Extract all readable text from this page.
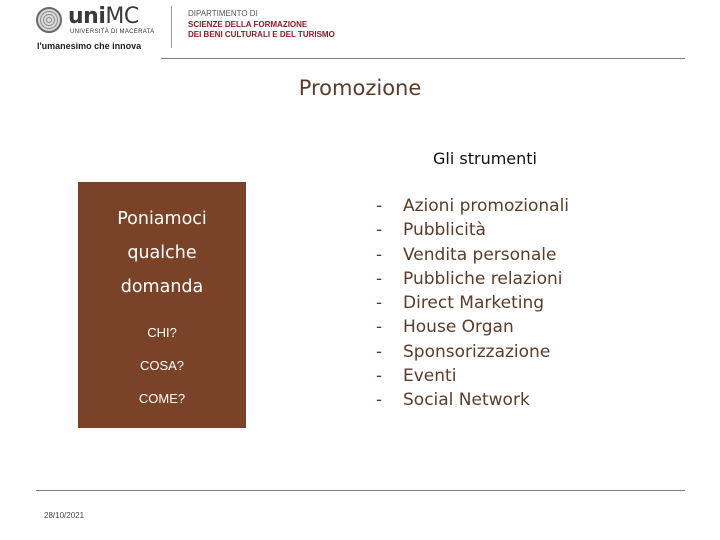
uniMC
UNIVERSITÀ DI MACERATA
l'umanesimo che innova
DIPARTIMENTO DI
SCIENZE DELLA FORMAZIONE
DEI BENI CULTURALI E DEL TURISMO
Promozione
Gli strumenti
Poniamoci
qualche
domanda
CHI?
COSA?
COME?
- Azioni promozionali
- Pubblicità
- Vendita personale
- Pubbliche relazioni
- Direct Marketing
- House Organ
- Sponsorizzazione
- Eventi
- Social Network
28/10/2021
